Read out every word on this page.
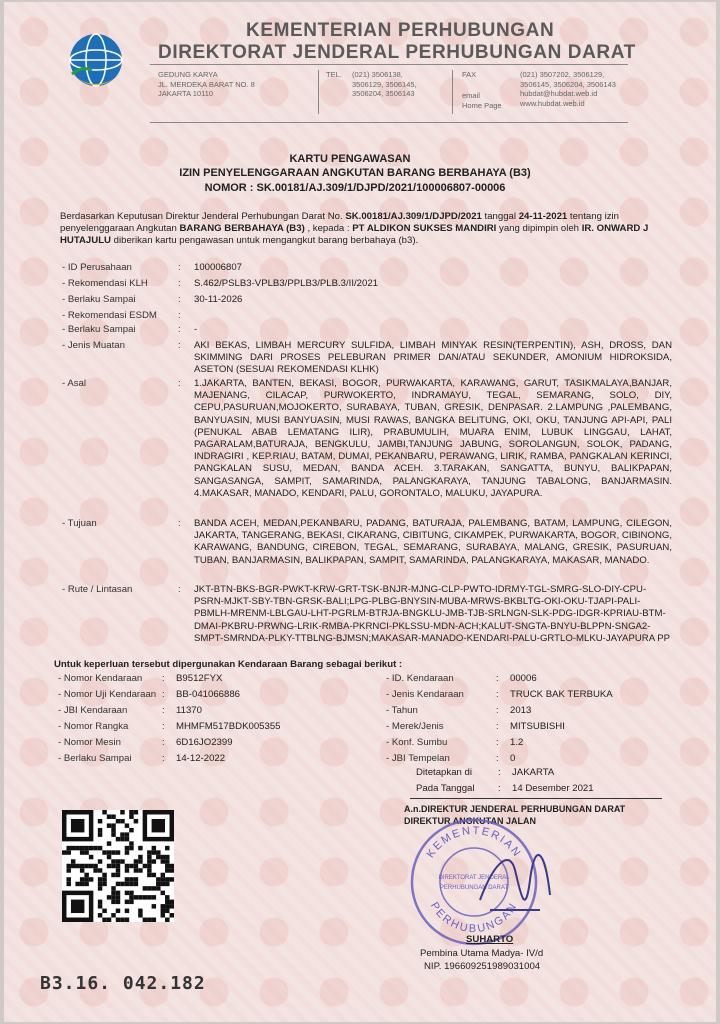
KEMENTERIAN PERHUBUNGAN
DIREKTORAT JENDERAL PERHUBUNGAN DARAT
GEDUNG KARYA
JL. MERDEKA BARAT NO. 8
JAKARTA 10110
TEL. (021) 3506138,
3506129, 3506145,
3506204, 3506143
FAX
email
Home Page
(021) 3507202, 3506129,
3506145, 3506204, 3506143
hubdat@hubdat.web.id
www.hubdat.web.id
KARTU PENGAWASAN
IZIN PENYELENGGARAAN ANGKUTAN BARANG BERBAHAYA (B3)
NOMOR : SK.00181/AJ.309/1/DJPD/2021/100006807-00006
Berdasarkan Keputusan Direktur Jenderal Perhubungan Darat No. SK.00181/AJ.309/1/DJPD/2021 tanggal 24-11-2021 tentang izin penyelenggaraan Angkutan BARANG BERBAHAYA (B3) , kepada : PT ALDIKON SUKSES MANDIRI yang dipimpin oleh IR. ONWARD J HUTAJULU diberikan kartu pengawasan untuk mengangkut barang berbahaya (b3).
- ID Perusahaan	: 100006807
- Rekomendasi KLH	: S.462/PSLB3-VPLB3/PPLB3/PLB.3/II/2021
- Berlaku Sampai	: 30-11-2026
- Rekomendasi ESDM :
- Berlaku Sampai	: -
- Jenis Muatan	: AKI BEKAS, LIMBAH MERCURY SULFIDA, LIMBAH MINYAK RESIN(TERPENTIN), ASH, DROSS, DAN SKIMMING DARI PROSES PELEBURAN PRIMER DAN/ATAU SEKUNDER, AMONIUM HIDROKSIDA, ASETON (SESUAI REKOMENDASI KLHK)
- Asal	: 1.JAKARTA, BANTEN, BEKASI, BOGOR, PURWAKARTA, KARAWANG, GARUT, TASIKMALAYA,BANJAR, MAJENANG, CILACAP, PURWOKERTO, INDRAMAYU, TEGAL, SEMARANG, SOLO, DIY, CEPU,PASURUAN,MOJOKERTO, SURABAYA, TUBAN, GRESIK, DENPASAR. 2.LAMPUNG ,PALEMBANG, BANYUASIN, MUSI BANYUASIN, MUSI RAWAS, BANGKA BELITUNG, OKI, OKU, TANJUNG API-API, PALI (PENUKAL ABAB LEMATANG ILIR), PRABUMULIH, MUARA ENIM, LUBUK LINGGAU, LAHAT, PAGARALAM,BATURAJA, BENGKULU, JAMBI,TANJUNG JABUNG, SOROLANGUN, SOLOK, PADANG, INDRAGIRI , KEP.RIAU, BATAM, DUMAI, PEKANBARU, PERAWANG, LIRIK, RAMBA, PANGKALAN KERINCI, PANGKALAN SUSU, MEDAN, BANDA ACEH. 3.TARAKAN, SANGATTA, BUNYU, BALIKPAPAN, SANGASANGA, SAMPIT, SAMARINDA, PALANGKARAYA, TANJUNG TABALONG, BANJARMASIN. 4.MAKASAR, MANADO, KENDARI, PALU, GORONTALO, MALUKU, JAYAPURA.
- Tujuan	: BANDA ACEH, MEDAN,PEKANBARU, PADANG, BATURAJA, PALEMBANG, BATAM, LAMPUNG, CILEGON, JAKARTA, TANGERANG, BEKASI, CIKARANG, CIBITUNG, CIKAMPEK, PURWAKARTA, BOGOR, CIBINONG, KARAWANG, BANDUNG, CIREBON, TEGAL, SEMARANG, SURABAYA, MALANG, GRESIK, PASURUAN, TUBAN, BANJARMASIN, BALIKPAPAN, SAMPIT, SAMARINDA, PALANGKARAYA, MAKASAR, MANADO.
- Rute / Lintasan	: JKT-BTN-BKS-BGR-PWKT-KRW-GRT-TSK-BNJR-MJNG-CLP-PWTO-IDRMY-TGL-SMRG-SLO-DIY-CPU-PSRN-MJKT-SBY-TBN-GRSK-BALI;LPG-PLBG-BNYSIN-MUBA-MRWS-BKBLTG-OKI-OKU-TJAPI-PALI-PBMLH-MRENM-LBLGAU-LHT-PGRLM-BTRJA-BNGKLU-JMB-TJB-SRLNGN-SLK-PDG-IDGR-KPRIAU-BTM-DMAI-PKBRU-PRWNG-LRIK-RMBA-PKRNCI-PKLSSU-MDN-ACH;KALUT-SNGTA-BNYU-BLPPN-SNGA2-SMPT-SMRNDA-PLKY-TTBLNG-BJMSN;MAKASAR-MANADO-KENDARI-PALU-GRTLO-MLKU-JAYAPURA PP
Untuk keperluan tersebut dipergunakan Kendaraan Barang sebagai berikut :
- Nomor Kendaraan : B9512FYX
- Nomor Uji Kendaraan : BB-041066886
- JBI Kendaraan	: 11370
- Nomor Rangka	: MHMFM517BDK005355
- Nomor Mesin	: 6D16JO2399
- Berlaku Sampai	: 14-12-2022
- ID. Kendaraan	: 00006
- Jenis Kendaraan	: TRUCK BAK TERBUKA
- Tahun	: 2013
- Merek/Jenis	: MITSUBISHI
- Konf. Sumbu	: 1.2
- JBI Tempelan	: 0
Ditetapkan di	: JAKARTA
Pada Tanggal : 14 Desember 2021
A.n.DIREKTUR JENDERAL PERHUBUNGAN DARAT
DIREKTUR ANGKUTAN JALAN
KEMENTERIAN
PERHUBUNGAN
DIREKTORAT JENDERAL
PERHUBUNGAN DARAT
SUHARTO
Pembina Utama Madya- IV/d
NIP. 196609251989031004
B3.16. 042.182
